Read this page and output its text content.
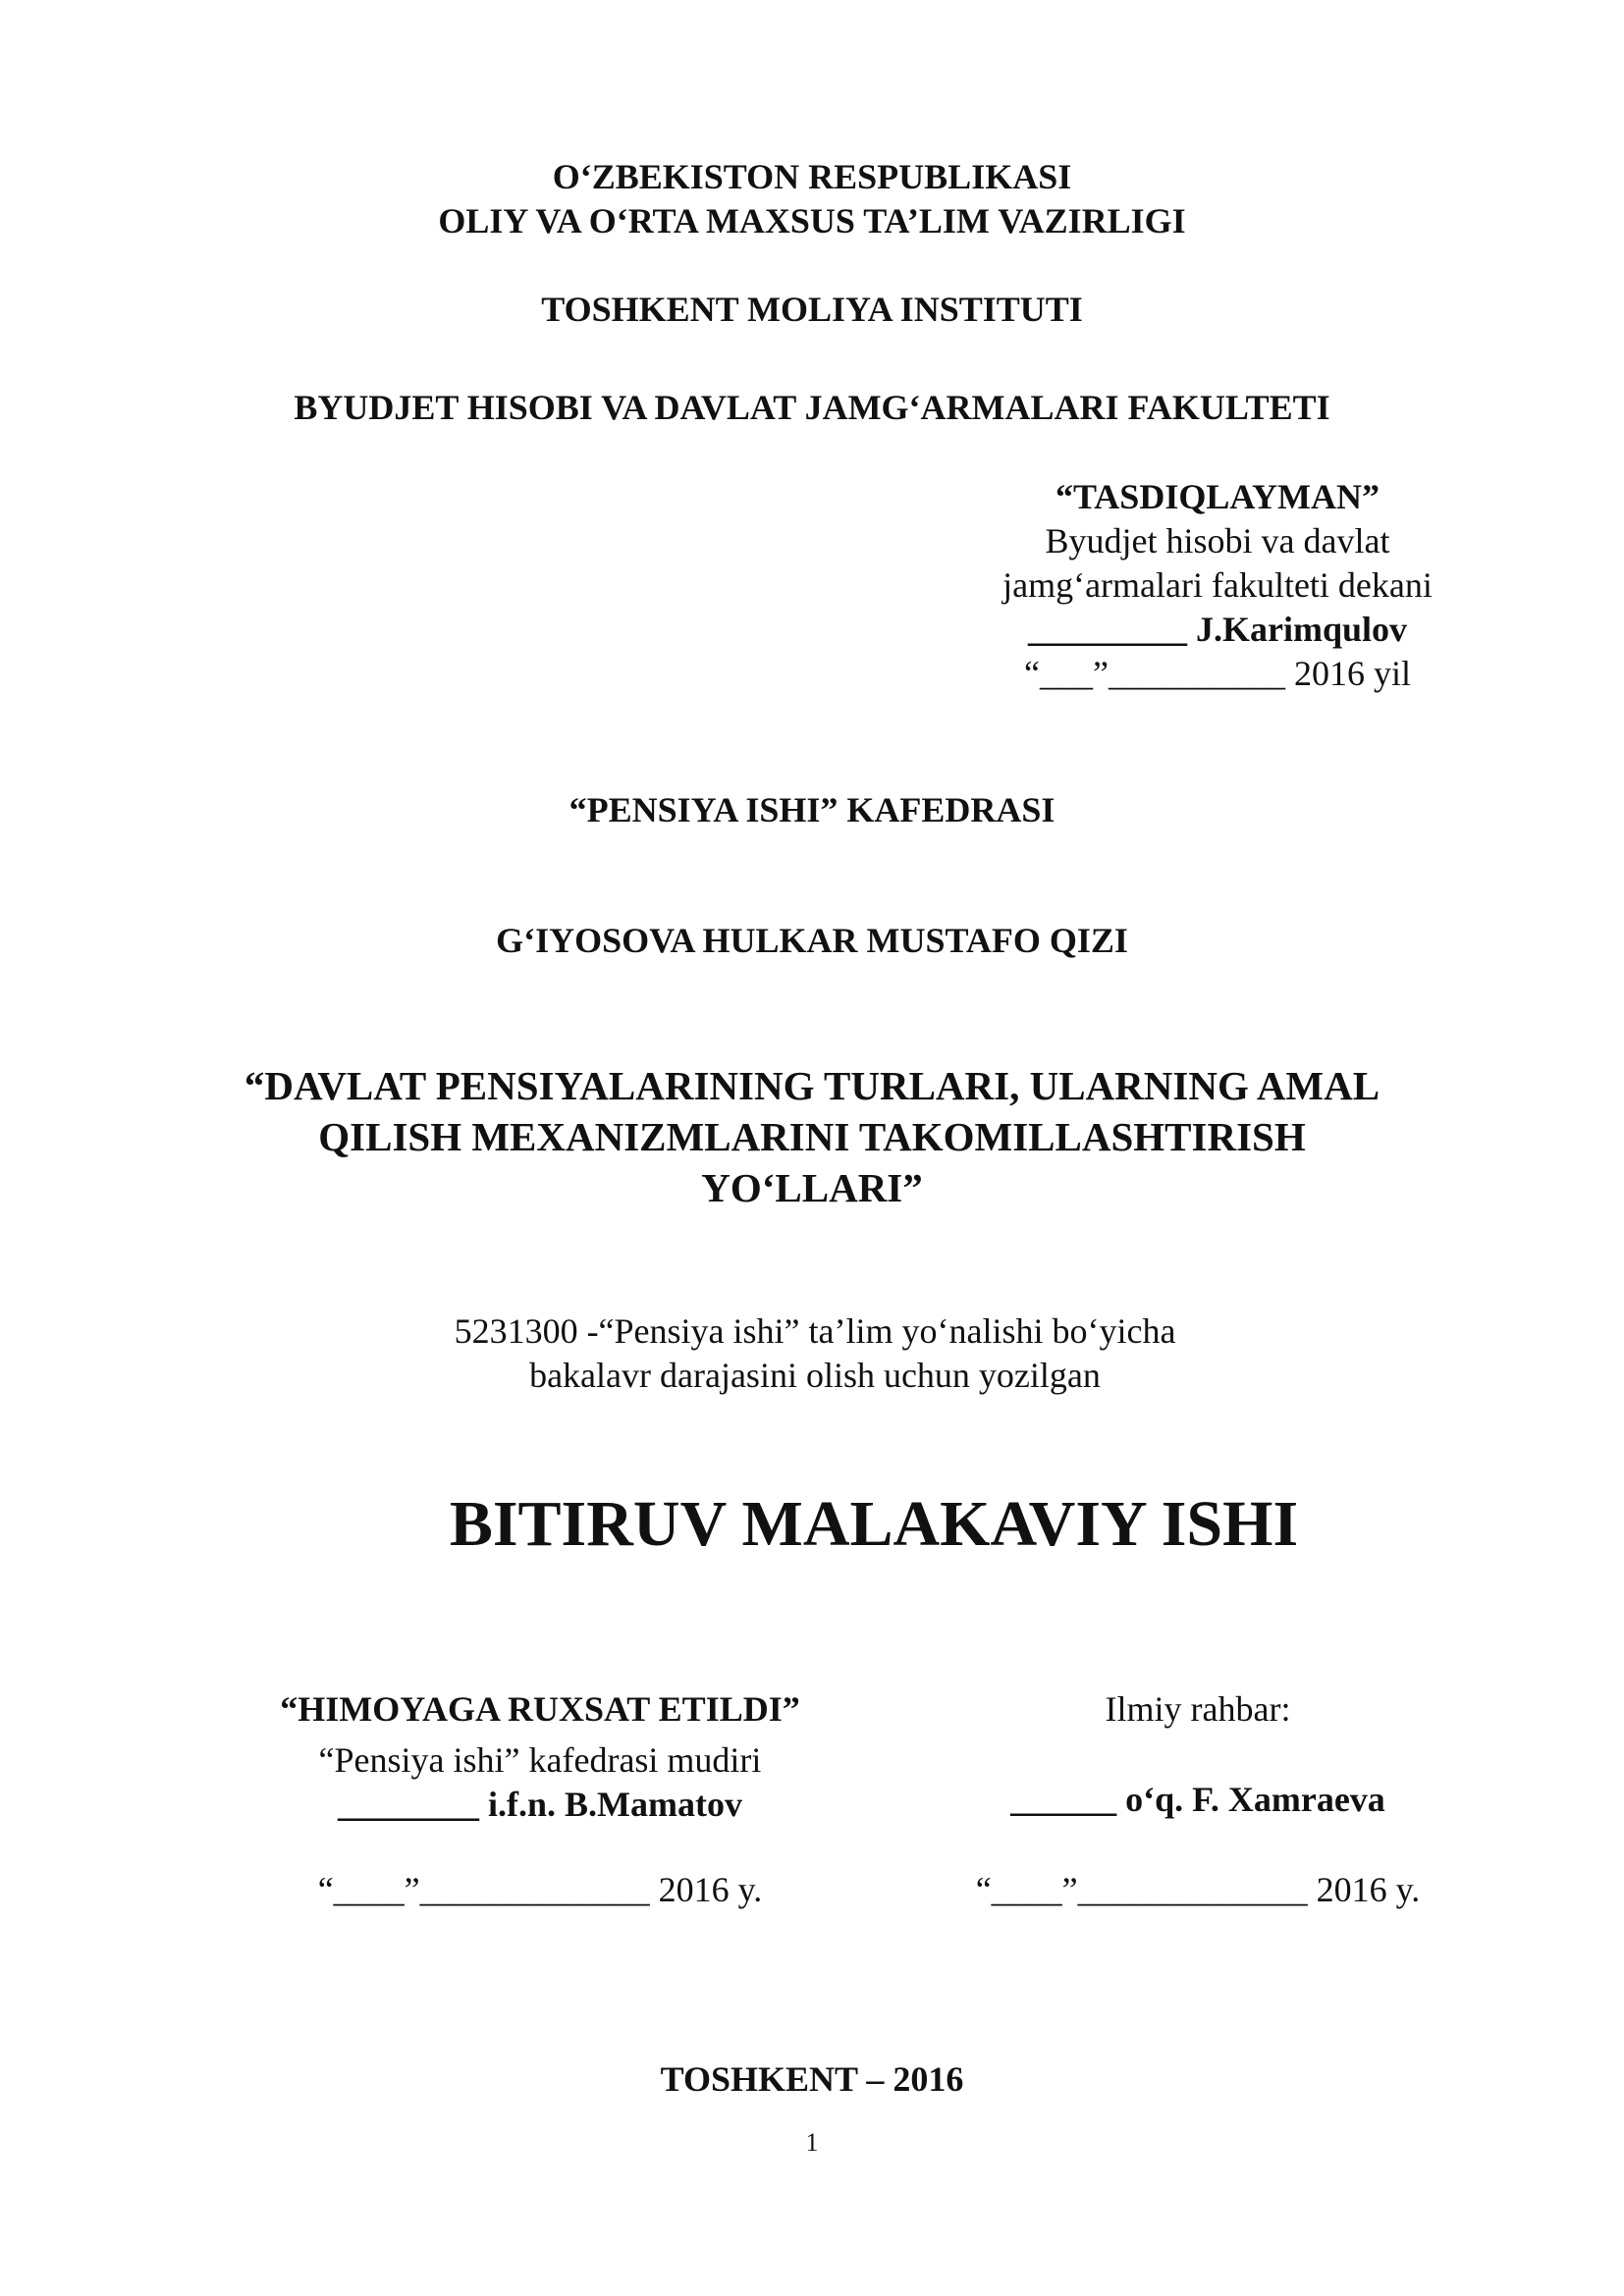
O‘ZBEKISTON RESPUBLIKASI
OLIY VA O‘RTA MAXSUS TA’LIM VAZIRLIGI
TOSHKENT MOLIYA INSTITUTI
BYUDJET HISOBI VA DAVLAT JAMG‘ARMALARI FAKULTETI
“TASDIQLAYMAN”
Byudjet hisobi va davlat
jamg‘armalari fakulteti dekani
_________ J.Karimqulov
“___”__________ 2016 yil
“PENSIYA ISHI” KAFEDRASI
G‘IYOSOVA HULKAR MUSTAFO QIZI
“DAVLAT PENSIYALARINING TURLARI, ULARNING AMAL
QILISH MEXANIZMLARINI TAKOMILLASHTIRISH
YO‘LLARI”
5231300 -“Pensiya ishi” ta’lim yo‘nalishi bo‘yicha
bakalavr darajasini olish uchun yozilgan
BITIRUV MALAKAVIY ISHI
“HIMOYAGA RUXSAT ETILDI”
“Pensiya ishi” kafedrasi mudiri
________ i.f.n. B.Mamatov
“____”_____________ 2016 y.
Ilmiy rahbar:
______ o‘q. F. Xamraeva
“____”_____________ 2016 y.
TOSHKENT – 2016
1
